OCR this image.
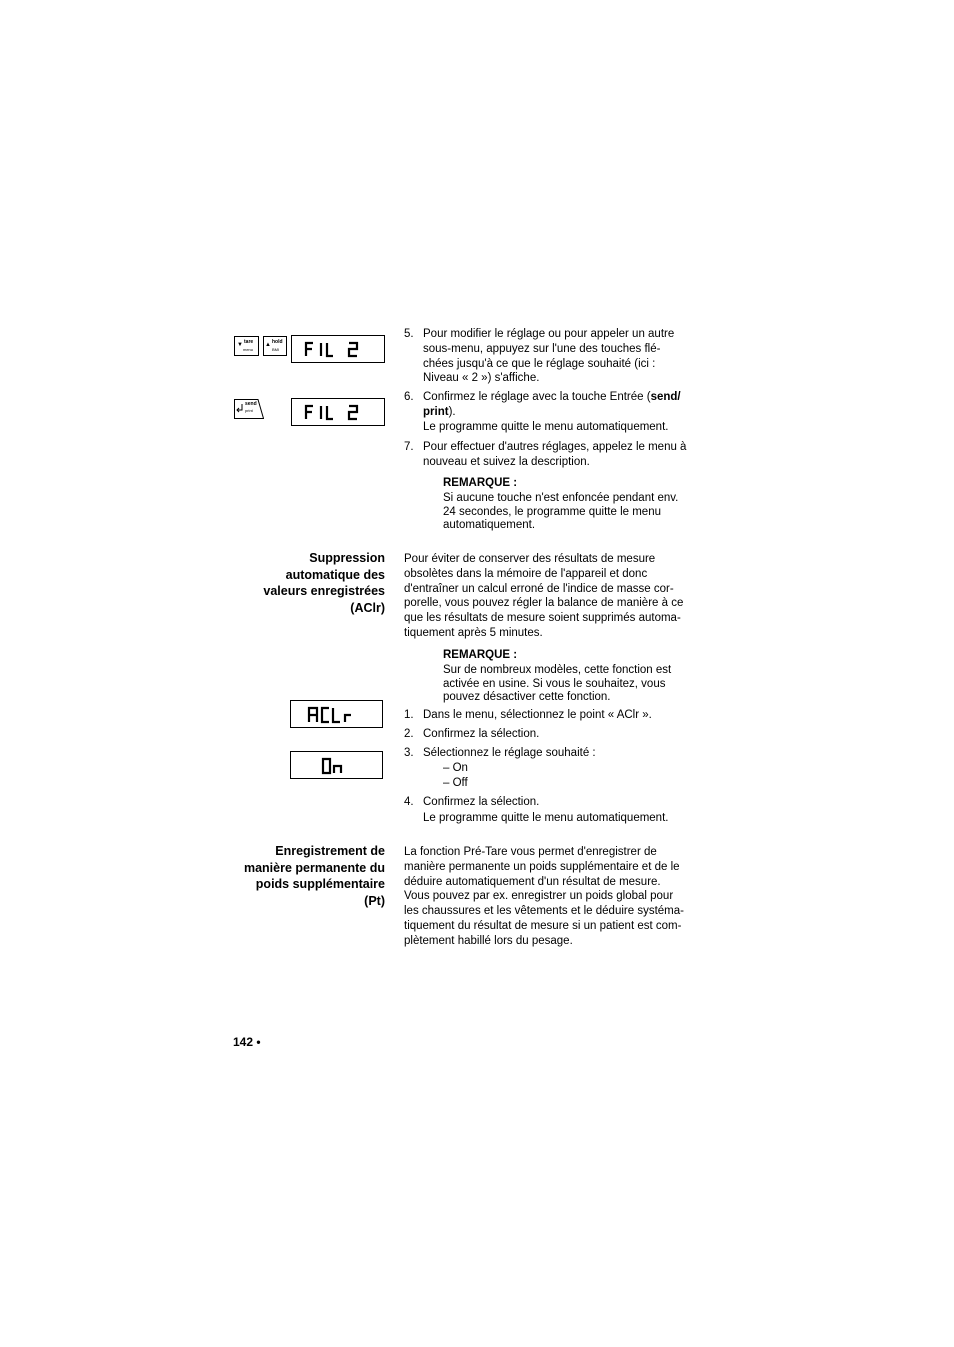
▼ tare
menu
▲ hold
BMI
send
print
5. Pour modifier le réglage ou pour appeler un autre
sous-menu, appuyez sur l'une des touches flé-
chées jusqu'à ce que le réglage souhaité (ici :
Niveau « 2 ») s'affiche.
6. Confirmez le réglage avec la touche Entrée (send/
print).
Le programme quitte le menu automatiquement.
7. Pour effectuer d'autres réglages, appelez le menu à
nouveau et suivez la description.
REMARQUE :
Si aucune touche n'est enfoncée pendant env.
24 secondes, le programme quitte le menu
automatiquement.
Suppression
automatique des
valeurs enregistrées
(AClr)
Pour éviter de conserver des résultats de mesure
obsolètes dans la mémoire de l'appareil et donc
d'entraîner un calcul erroné de l'indice de masse cor-
porelle, vous pouvez régler la balance de manière à ce
que les résultats de mesure soient supprimés automa-
tiquement après 5 minutes.
REMARQUE :
Sur de nombreux modèles, cette fonction est
activée en usine. Si vous le souhaitez, vous
pouvez désactiver cette fonction.
1. Dans le menu, sélectionnez le point « AClr ».
2. Confirmez la sélection.
3. Sélectionnez le réglage souhaité :
– On
– Off
4. Confirmez la sélection.
Le programme quitte le menu automatiquement.
Enregistrement de
manière permanente du
poids supplémentaire
(Pt)
La fonction Pré-Tare vous permet d'enregistrer de
manière permanente un poids supplémentaire et de le
déduire automatiquement d'un résultat de mesure.
Vous pouvez par ex. enregistrer un poids global pour
les chaussures et les vêtements et le déduire systéma-
tiquement du résultat de mesure si un patient est com-
plètement habillé lors du pesage.
142 •
